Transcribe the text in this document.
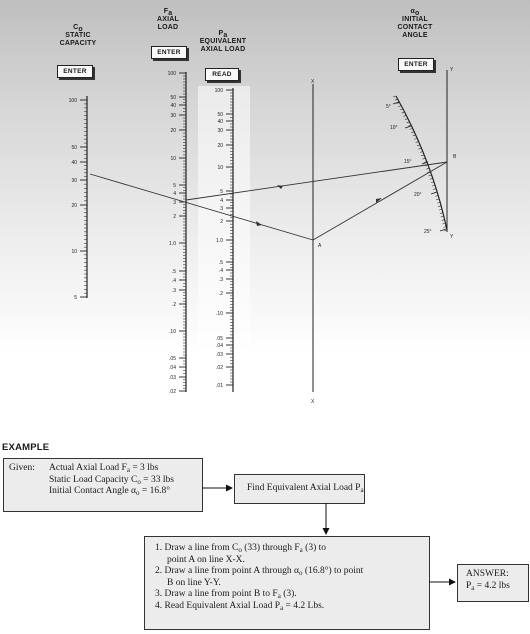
$C_o$
STATIC
CAPACITY
ENTER
$F_a$
AXIAL
LOAD
ENTER
$P_a$
EQUIVALENT
AXIAL LOAD
READ
$\alpha_o$
INITIAL
CONTACT
ANGLE
ENTER
100
50
40
30
20
10
5
100
50
40
30
20
10
5
4
3
2
1.0
.5
.4
.3
.2
.10
.05
.04
.03
.02
100
50
40
30
20
10
5
4
3
2
1.0
.5
.4
.3
.2
.10
.05
.04
.03
.02
.01
X
X
Y
Y
5°
10°
15°
20°
25°
A
B
EXAMPLE
Given: Actual Axial Load $F_a = 3$ lbs
Static Load Capacity $C_o = 33$ lbs
Initial Contact Angle $\alpha_o = 16.8^\circ$	Find Equivalent Axial Load $P_a$
1. Draw a line from $C_o$ (33) through $F_a$ (3) to
point A on line X-X.
2. Draw a line from point A through $\alpha_o$ (16.8°) to point
B on line Y-Y.
3. Draw a line from point B to $F_a$ (3).
4. Read Equivalent Axial Load $P_a = 4.2$ Lbs.
ANSWER:
$P_a = 4.2$ lbs
